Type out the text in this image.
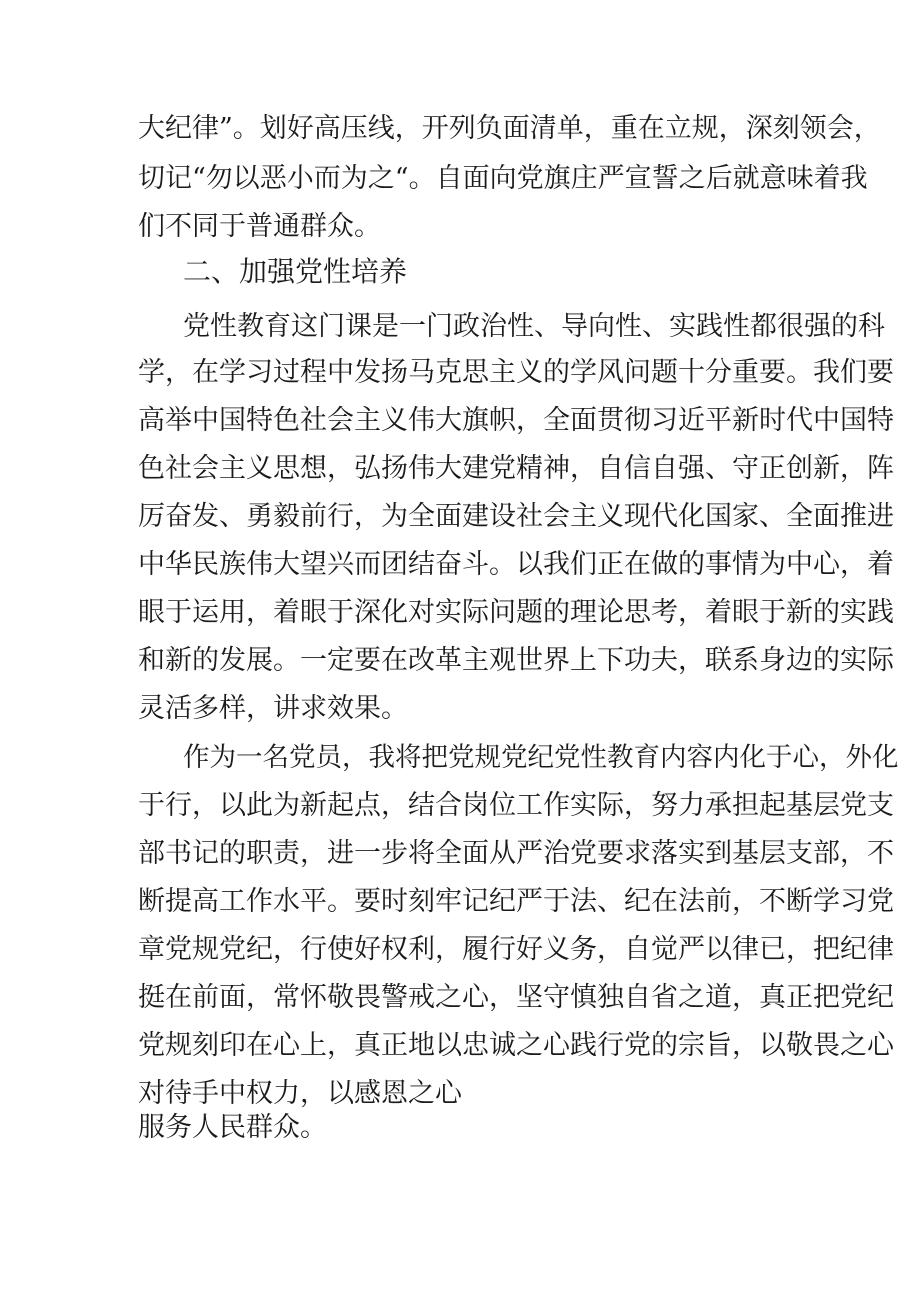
大纪律”。划好高压线，开列负面清单，重在立规，深刻领会，
切记“勿以恶小而为之“。自面向党旗庄严宣誓之后就意味着我
们不同于普通群众。
二、加强党性培养
党性教育这门课是一门政治性、导向性、实践性都很强的科
学，在学习过程中发扬马克思主义的学风问题十分重要。我们要
高举中国特色社会主义伟大旗帜，全面贯彻习近平新时代中国特
色社会主义思想，弘扬伟大建党精神，自信自强、守正创新，阵
厉奋发、勇毅前行，为全面建设社会主义现代化国家、全面推进
中华民族伟大望兴而团结奋斗。以我们正在做的事情为中心，着
眼于运用，着眼于深化对实际问题的理论思考，着眼于新的实践
和新的发展。一定要在改革主观世界上下功夫，联系身边的实际
灵活多样，讲求效果。
作为一名党员，我将把党规党纪党性教育内容内化于心，外化
于行，以此为新起点，结合岗位工作实际，努力承担起基层党支
部书记的职责，进一步将全面从严治党要求落实到基层支部，不
断提高工作水平。要时刻牢记纪严于法、纪在法前，不断学习党
章党规党纪，行使好权利，履行好义务，自觉严以律已，把纪律
挺在前面，常怀敬畏警戒之心，坚守慎独自省之道，真正把党纪
党规刻印在心上，真正地以忠诚之心践行党的宗旨，以敬畏之心
对待手中权力，以感恩之心
服务人民群众。
